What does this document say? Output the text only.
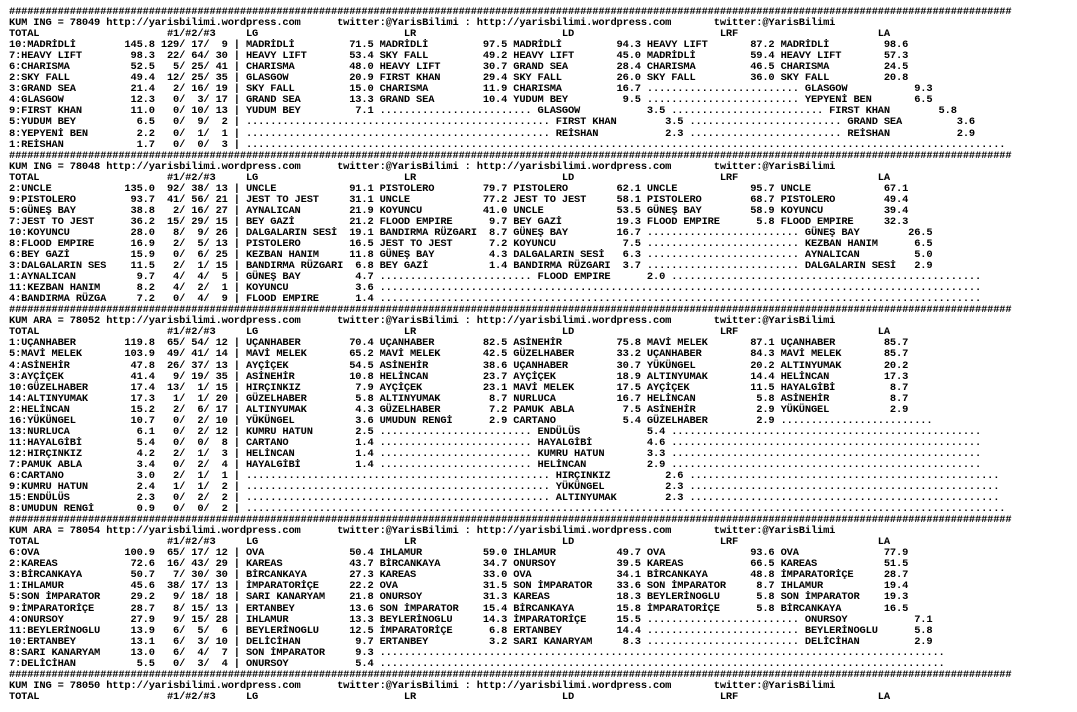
#####################################################################################################################################################################
KUM ING = 78049 http://yarisbilimi.wordpress.com      twitter:@YarisBilimi : http://yarisbilimi.wordpress.com       twitter:@YarisBilimi
TOTAL                     #1/#2/#3     LG                        LR                        LD                        LRF                       LA
10:MADRİDLİ        145.8 129/ 17/  9 | MADRİDLİ         71.5 MADRİDLİ         97.5 MADRİDLİ         94.3 HEAVY LIFT       87.2 MADRİDLİ         98.6
7:HEAVY LIFT        98.3  22/ 64/ 30 | HEAVY LIFT       53.4 SKY FALL         49.2 HEAVY LIFT       45.0 MADRİDLİ         59.4 HEAVY LIFT       57.3
6:CHARISMA          52.5   5/ 25/ 41 | CHARISMA         48.0 HEAVY LIFT       30.7 GRAND SEA        28.4 CHARISMA         46.5 CHARISMA         24.5
2:SKY FALL          49.4  12/ 25/ 35 | GLASGOW          20.9 FIRST KHAN       29.4 SKY FALL         26.0 SKY FALL         36.0 SKY FALL         20.8
3:GRAND SEA         21.4   2/ 16/ 19 | SKY FALL         15.0 CHARISMA         11.9 CHARISMA         16.7 ......................... GLASGOW           9.3
4:GLASGOW           12.3   0/  3/ 17 | GRAND SEA        13.3 GRAND SEA        10.4 YUDUM BEY         9.5 ......................... YEPYENİ BEN       6.5
9:FIRST KHAN        11.0   0/ 10/ 13 | YUDUM BEY         7.1 ......................... GLASGOW           3.5 ......................... FIRST KHAN        5.8
5:YUDUM BEY          6.5   0/  9/  2 | .................................................. FIRST KHAN        3.5 ......................... GRAND SEA         3.6
8:YEPYENİ BEN        2.2   0/  1/  1 | .................................................. REİSHAN           2.3 ......................... REİSHAN           2.9
1:REİSHAN            1.7   0/  0/  3 | .............................................................................................................................
#####################################################################################################################################################################
KUM ING = 78048 http://yarisbilimi.wordpress.com      twitter:@YarisBilimi : http://yarisbilimi.wordpress.com       twitter:@YarisBilimi
TOTAL                     #1/#2/#3     LG                        LR                        LD                        LRF                       LA
2:UNCLE            135.0  92/ 38/ 13 | UNCLE            91.1 PISTOLERO        79.7 PISTOLERO        62.1 UNCLE            95.7 UNCLE            67.1
9:PISTOLERO         93.7  41/ 56/ 21 | JEST TO JEST     31.1 UNCLE            77.2 JEST TO JEST     58.1 PISTOLERO        68.7 PISTOLERO        49.4
5:GÜNEŞ BAY         38.8   2/ 16/ 27 | AYNALICAN        21.9 KOYUNCU          41.0 UNCLE            53.5 GÜNEŞ BAY        58.9 KOYUNCU          39.4
7:JEST TO JEST      36.2  15/ 29/ 15 | BEY GAZİ         21.2 FLOOD EMPIRE      9.7 BEY GAZİ         19.3 FLOOD EMPIRE      5.8 FLOOD EMPIRE     32.3
10:KOYUNCU          28.0   8/  9/ 26 | DALGALARIN SESİ  19.1 BANDIRMA RÜZGARI  8.7 GÜNEŞ BAY        16.7 ......................... GÜNEŞ BAY        26.5
8:FLOOD EMPIRE      16.9   2/  5/ 13 | PISTOLERO        16.5 JEST TO JEST      7.2 KOYUNCU           7.5 ......................... KEZBAN HANIM      6.5
6:BEY GAZİ          15.9   0/  6/ 25 | KEZBAN HANIM     11.8 GÜNEŞ BAY         4.3 DALGALARIN SESİ   6.3 ......................... AYNALICAN         5.0
3:DALGALARIN SES    11.5   2/  1/ 15 | BANDIRMA RÜZGARI  6.8 BEY GAZİ          1.4 BANDIRMA RÜZGARI  3.7 ......................... DALGALARIN SESİ   2.9
1:AYNALICAN          9.7   4/  4/  5 | GÜNEŞ BAY         4.7 ......................... FLOOD EMPIRE      2.0 ...................................................
11:KEZBAN HANIM      8.2   4/  2/  1 | KOYUNCU           3.6 ...................................................................................................
4:BANDIRMA RÜZGA     7.2   0/  4/  9 | FLOOD EMPIRE      1.4 ...................................................................................................
#####################################################################################################################################################################
KUM ARA = 78052 http://yarisbilimi.wordpress.com      twitter:@YarisBilimi : http://yarisbilimi.wordpress.com       twitter:@YarisBilimi
TOTAL                     #1/#2/#3     LG                        LR                        LD                        LRF                       LA
1:UÇANHABER        119.8  65/ 54/ 12 | UÇANHABER        70.4 UÇANHABER        82.5 ASİNEHİR         75.8 MAVİ MELEK       87.1 UÇANHABER        85.7
5:MAVİ MELEK       103.9  49/ 41/ 14 | MAVİ MELEK       65.2 MAVİ MELEK       42.5 GÜZELHABER       33.2 UÇANHABER        84.3 MAVİ MELEK       85.7
4:ASİNEHİR          47.8  26/ 37/ 13 | AYÇİÇEK          54.5 ASİNEHİR         38.6 UÇANHABER        30.7 YÜKÜNGEL         20.2 ALTINYUMAK       20.2
3:AYÇİÇEK           41.4   9/ 19/ 35 | ASİNEHİR         10.8 HELİNCAN         23.7 AYÇİÇEK          18.9 ALTINYUMAK       14.4 HELİNCAN         17.3
10:GÜZELHABER       17.4  13/  1/ 15 | HIRÇINKIZ         7.9 AYÇİÇEK          23.1 MAVİ MELEK       17.5 AYÇİÇEK          11.5 HAYALGİBİ         8.7
14:ALTINYUMAK       17.3   1/  1/ 20 | GÜZELHABER        5.8 ALTINYUMAK        8.7 NURLUCA          16.7 HELİNCAN          5.8 ASİNEHİR          8.7
2:HELİNCAN          15.2   2/  6/ 17 | ALTINYUMAK        4.3 GÜZELHABER        7.2 PAMUK ABLA        7.5 ASİNEHİR          2.9 YÜKÜNGEL          2.9
16:YÜKÜNGEL         10.7   0/  2/ 10 | YÜKÜNGEL          3.6 UMUDUN RENGİ      2.9 CARTANO           5.4 GÜZELHABER        2.9 .........................
13:NURLUCA           6.1   0/  2/ 12 | KUMRU HATUN       2.5 ......................... ENDÜLÜS           5.4 ...................................................
11:HAYALGİBİ         5.4   0/  0/  8 | CARTANO           1.4 ......................... HAYALGİBİ         4.6 ...................................................
12:HIRÇINKIZ         4.2   2/  1/  3 | HELİNCAN          1.4 ......................... KUMRU HATUN       3.3 ...................................................
7:PAMUK ABLA         3.4   0/  2/  4 | HAYALGİBİ         1.4 ......................... HELİNCAN          2.9 ...................................................
6:CARTANO            3.0   2/  1/  1 | .................................................. HIRÇINKIZ         2.6 ...................................................
9:KUMRU HATUN        2.4   1/  1/  2 | .................................................. YÜKÜNGEL          2.3 ...................................................
15:ENDÜLÜS           2.3   0/  2/  2 | .................................................. ALTINYUMAK        2.3 ...................................................
8:UMUDUN RENGİ       0.9   0/  0/  2 | .............................................................................................................................
#####################################################################################################################################################################
KUM ARA = 78054 http://yarisbilimi.wordpress.com      twitter:@YarisBilimi : http://yarisbilimi.wordpress.com       twitter:@YarisBilimi
TOTAL                     #1/#2/#3     LG                        LR                        LD                        LRF                       LA
6:OVA              100.9  65/ 17/ 12 | OVA              50.4 IHLAMUR          59.0 IHLAMUR          49.7 OVA              93.6 OVA              77.9
2:KAREAS            72.6  16/ 43/ 29 | KAREAS           43.7 BİRCANKAYA       34.7 ONURSOY          39.5 KAREAS           66.5 KAREAS           51.5
3:BİRCANKAYA        50.7   7/ 30/ 30 | BİRCANKAYA       27.3 KAREAS           33.0 OVA              34.1 BİRCANKAYA       48.8 İMPARATORİÇE     28.7
1:IHLAMUR           45.6  38/ 17/ 13 | İMPARATORİÇE     22.2 OVA              31.5 SON İMPARATOR    33.6 SON İMPARATOR     8.7 IHLAMUR          19.4
5:SON İMPARATOR     29.2   9/ 18/ 18 | SARI KANARYAM    21.8 ONURSOY          31.3 KAREAS           18.3 BEYLERİNOGLU      5.8 SON İMPARATOR    19.3
9:İMPARATORİÇE      28.7   8/ 15/ 13 | ERTANBEY         13.6 SON İMPARATOR    15.4 BİRCANKAYA       15.8 İMPARATORİÇE      5.8 BİRCANKAYA       16.5
4:ONURSOY           27.9   9/ 15/ 28 | IHLAMUR          13.3 BEYLERİNOGLU     14.3 İMPARATORİÇE     15.5 ......................... ONURSOY           7.1
11:BEYLERİNOGLU     13.9   6/  5/  6 | BEYLERİNOGLU     12.5 İMPARATORİÇE      6.8 ERTANBEY         14.4 ......................... BEYLERİNOGLU      5.8
10:ERTANBEY         13.1   6/  3/ 10 | DELİCİHAN         9.7 ERTANBEY          3.2 SARI KANARYAM     8.3 ......................... DELİCİHAN         2.9
8:SARI KANARYAM     13.0   6/  4/  7 | SON İMPARATOR     9.3 .............................................................................................
7:DELİCİHAN          5.5   0/  3/  4 | ONURSOY           5.4 .............................................................................................
#####################################################################################################################################################################
KUM ING = 78050 http://yarisbilimi.wordpress.com      twitter:@YarisBilimi : http://yarisbilimi.wordpress.com       twitter:@YarisBilimi
TOTAL                     #1/#2/#3     LG                        LR                        LD                        LRF                       LA
